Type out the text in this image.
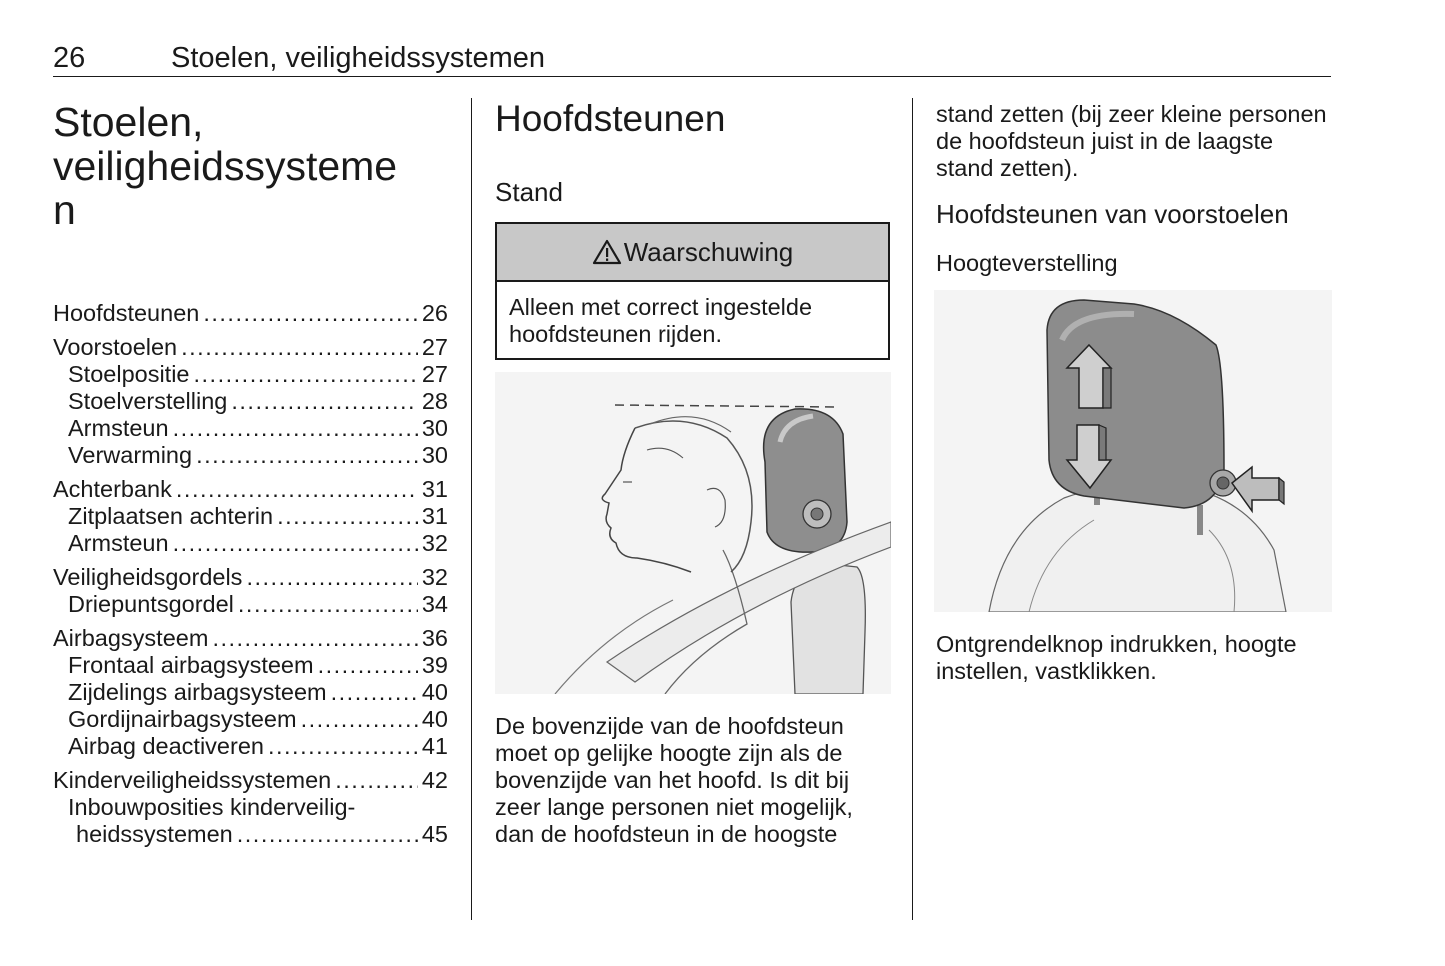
26	Stoelen, veiligheidssystemen
Stoelen,
veiligheidssysteme
n
Hoofdsteunen .....	26
Voorstoelen .....	27
Stoelpositie .....	27
Stoelverstelling .....	28
Armsteun .....	30
Verwarming .....	30
Achterbank .....	31
Zitplaatsen achterin .....	31
Armsteun .....	32
Veiligheidsgordels .....	32
Driepuntsgordel .....	34
Airbagsysteem .....	36
Frontaal airbagsysteem .....	39
Zijdelings airbagsysteem .....	40
Gordijnairbagsysteem .....	40
Airbag deactiveren .....	41
Kinderveiligheidssystemen .....	42
Inbouwposities kinderveilig-
heidssystemen .....	45
Hoofdsteunen
Stand
Waarschuwing
Alleen met correct ingestelde
hoofdsteunen rijden.
De bovenzijde van de hoofdsteun
moet op gelijke hoogte zijn als de
bovenzijde van het hoofd. Is dit bij
zeer lange personen niet mogelijk,
dan de hoofdsteun in de hoogste
stand zetten (bij zeer kleine personen
de hoofdsteun juist in de laagste
stand zetten).
Hoofdsteunen van voorstoelen
Hoogteverstelling
Ontgrendelknop indrukken, hoogte
instellen, vastklikken.
